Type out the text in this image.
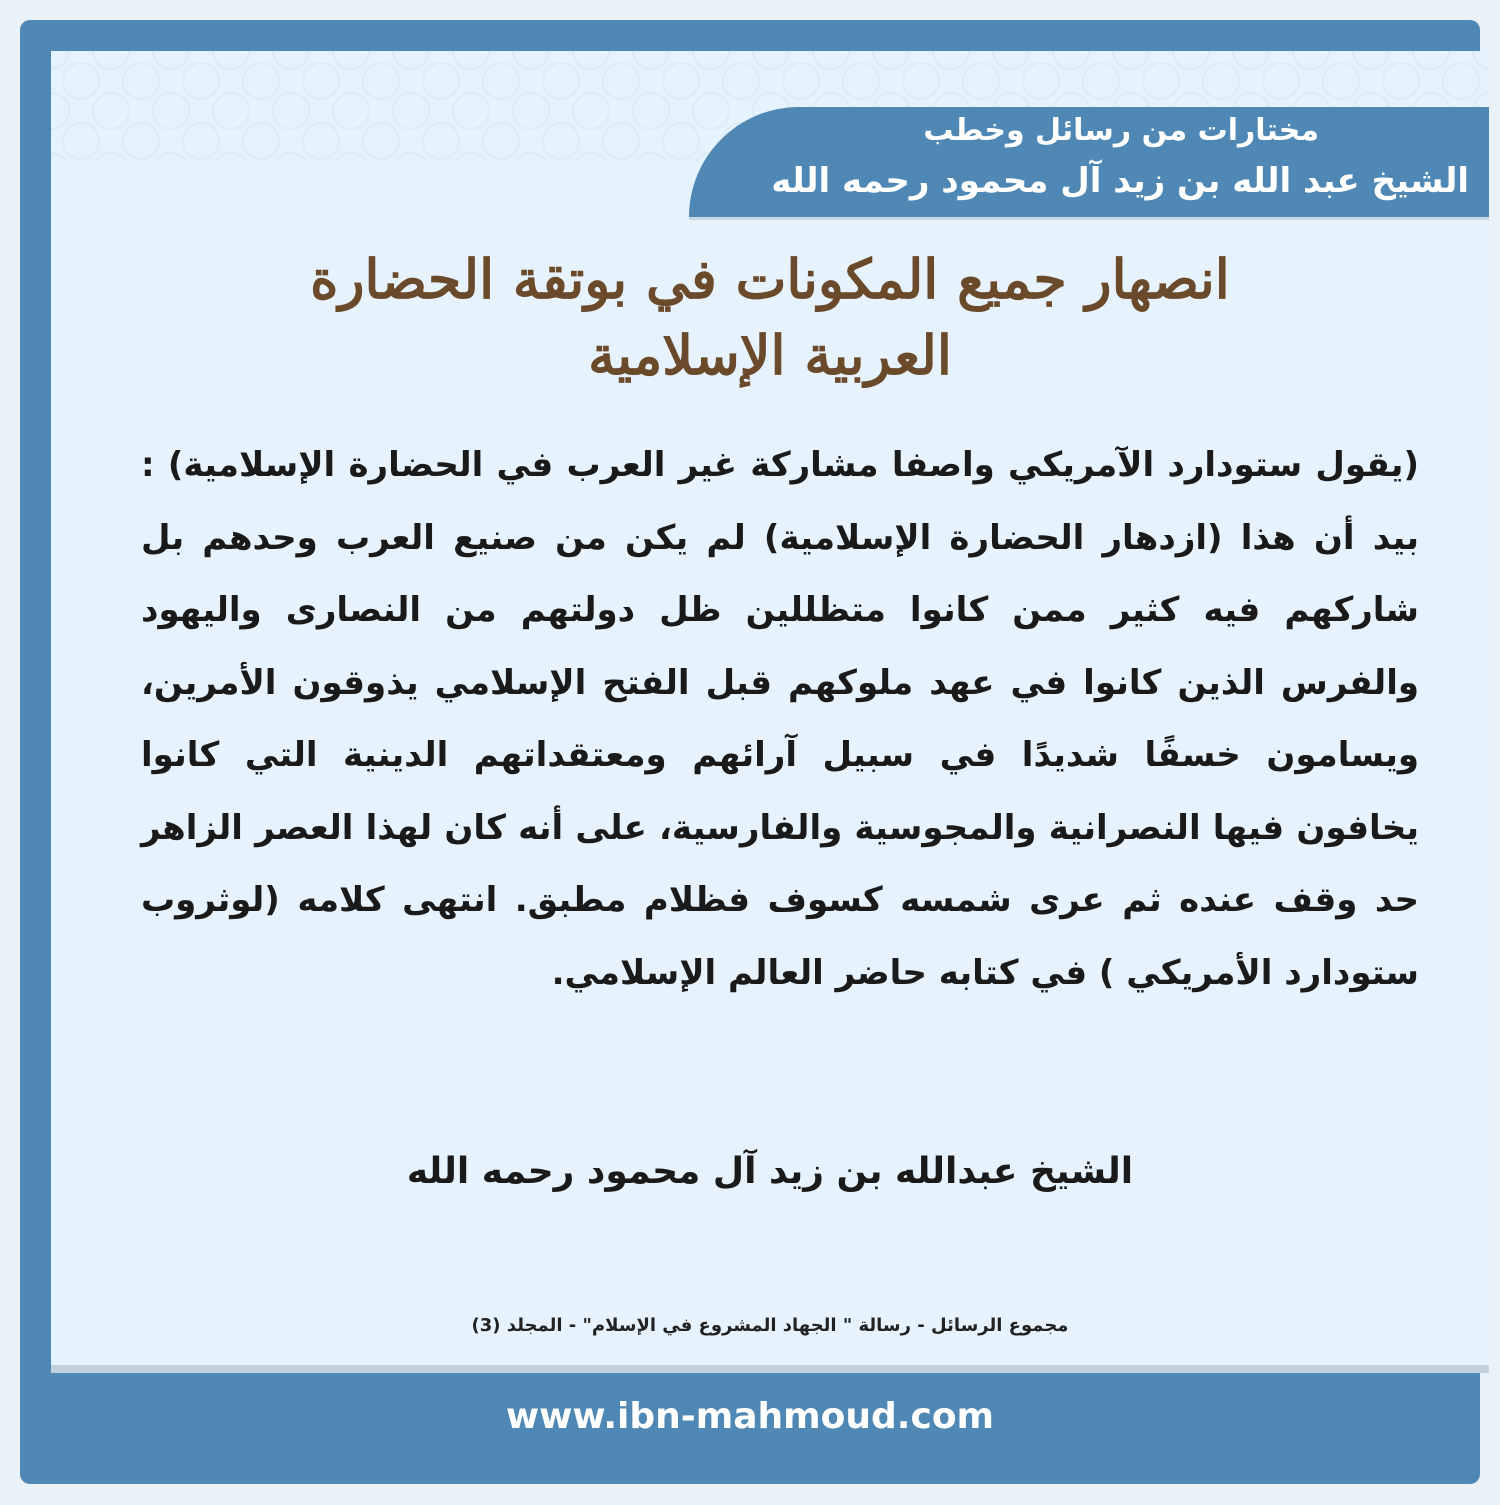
مختارات من رسائل وخطب
الشيخ عبد الله بن زيد آل محمود رحمه الله
انصهار جميع المكونات في بوتقة الحضارة
العربية الإسلامية
(يقول ستودارد الآمريكي واصفا مشاركة غير العرب في الحضارة الإسلامية) : بيد أن هذا (ازدهار الحضارة الإسلامية) لم يكن من صنيع العرب وحدهم بل شاركهم فيه كثير ممن كانوا متظللين ظل دولتهم من النصارى واليهود والفرس الذين كانوا في عهد ملوكهم قبل الفتح الإسلامي يذوقون الأمرين، ويسامون خسفًا شديدًا في سبيل آرائهم ومعتقداتهم الدينية التي كانوا يخافون فيها النصرانية والمجوسية والفارسية، على أنه كان لهذا العصر الزاهر حد وقف عنده ثم عرى شمسه كسوف فظلام مطبق. انتهى كلامه (لوثروب ستودارد الأمريكي ) في كتابه حاضر العالم الإسلامي.
الشيخ عبدالله بن زيد آل محمود رحمه الله
مجموع الرسائل - رسالة " الجهاد المشروع في الإسلام" - المجلد (3)
www.ibn-mahmoud.com
